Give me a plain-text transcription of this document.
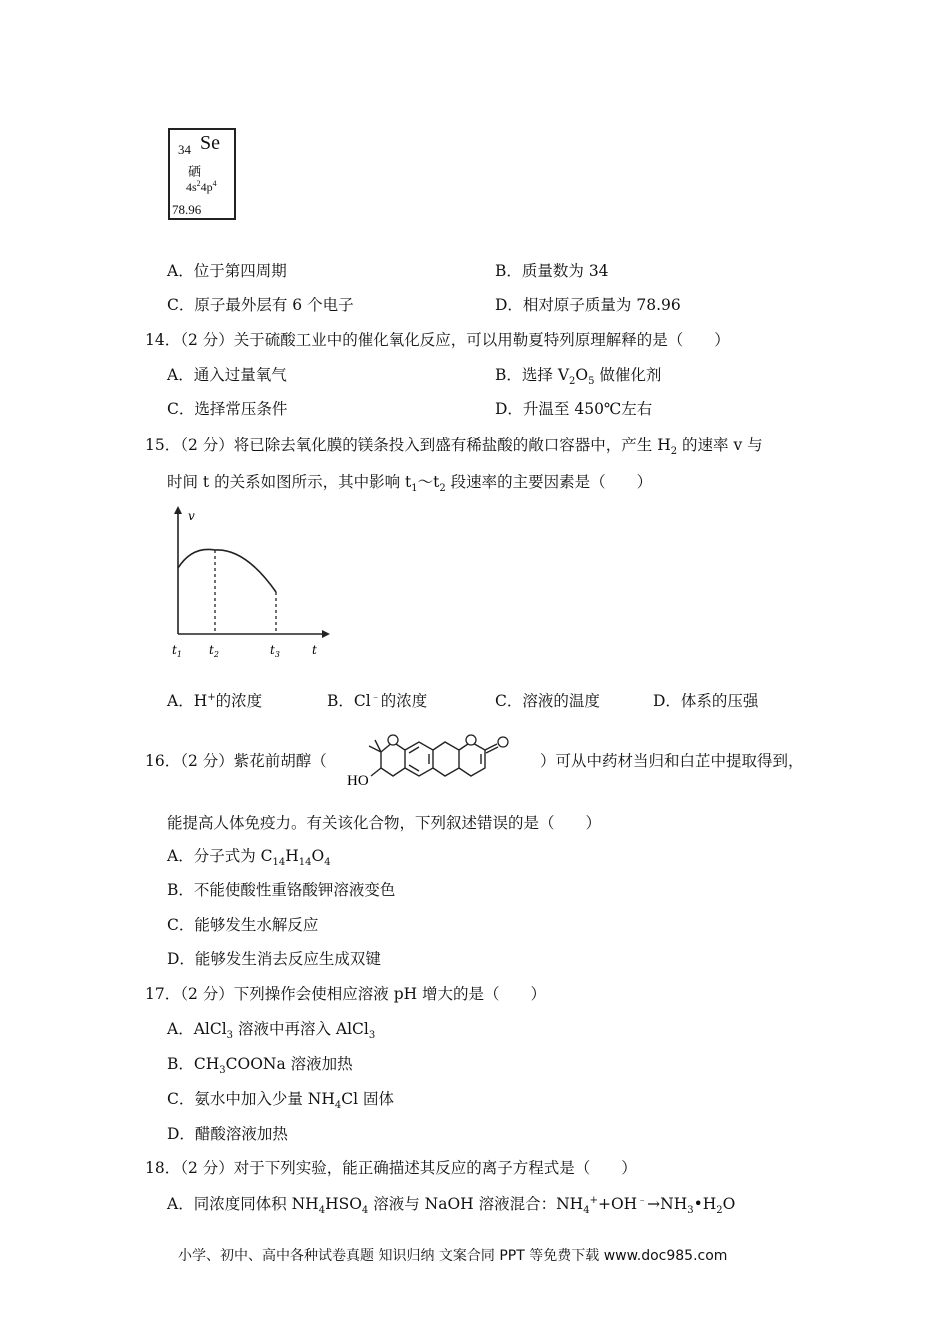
34 Se
硒
$4s^24p^4$
78.96
A．位于第四周期	B．质量数为 34
C．原子最外层有 6 个电子	D．相对原子质量为 78.96
14．（2 分）关于硫酸工业中的催化氧化反应，可以用勒夏特列原理解释的是（　　）
A．通入过量氧气	B．选择 $V_2O_5$ 做催化剂
C．选择常压条件	D．升温至 450℃左右
15．（2 分）将已除去氧化膜的镁条投入到盛有稀盐酸的敞口容器中，产生 $H_2$ 的速率 v 与
时间 t 的关系如图所示，其中影响 $t_1\sim t_2$ 段速率的主要因素是（　　）
v
t
$t_1$ $t_2$	$t_3$
A．H+的浓度	B．Cl﹣的浓度	C．溶液的温度	D．体系的压强
16．（2 分）紫花前胡醇（
HO
）可从中药材当归和白芷中提取得到，
能提高人体免疫力。有关该化合物，下列叙述错误的是（　　）
A．分子式为 $C_{14}H_{14}O_4$
B．不能使酸性重铬酸钾溶液变色
C．能够发生水解反应
D．能够发生消去反应生成双键
17．（2 分）下列操作会使相应溶液 pH 增大的是（　　）
A．AlCl$_3$ 溶液中再溶入 AlCl$_3$
B．$CH_3COONa$ 溶液加热
C．氨水中加入少量 $NH_4Cl$ 固体
D．醋酸溶液加热
18．（2 分）对于下列实验，能正确描述其反应的离子方程式是（　　）
A．同浓度同体积 $NH_4HSO_4$ 溶液与 NaOH 溶液混合：$NH_4^++OH^﹣\to NH_3•H_2O$
小学、初中、高中各种试卷真题 知识归纳 文案合同 PPT 等免费下载 www.doc985.com
